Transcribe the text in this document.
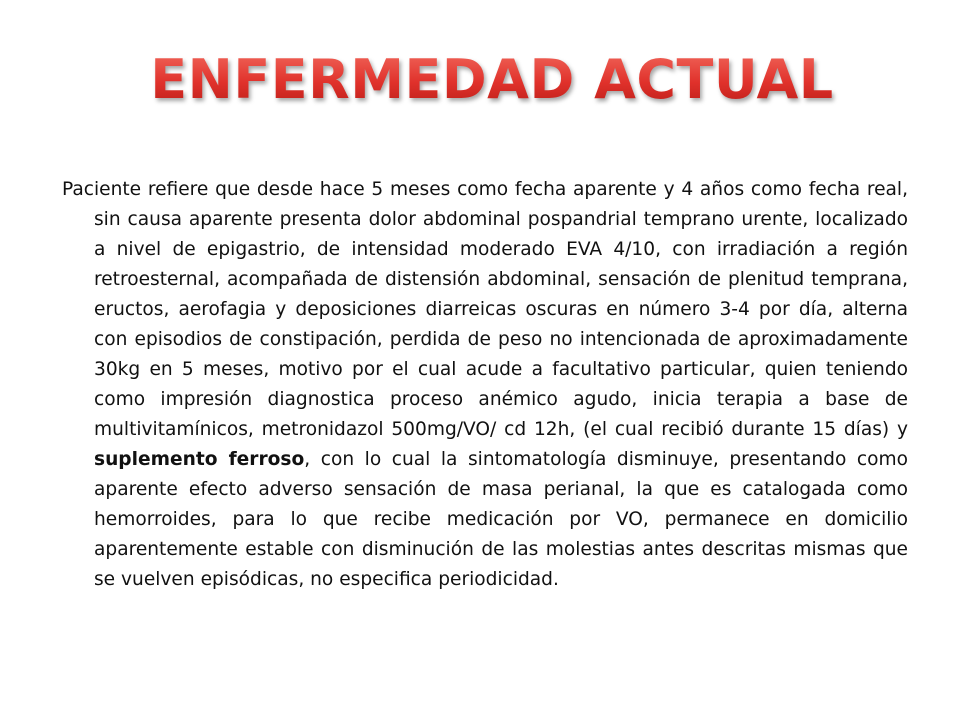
ENFERMEDAD ACTUAL

Paciente refiere que desde hace 5 meses como fecha aparente y 4 años como fecha real, sin causa aparente presenta dolor abdominal pospandrial temprano urente, localizado a nivel de epigastrio, de intensidad moderado EVA 4/10, con irradiación a región retroesternal, acompañada de distensión abdominal, sensación de plenitud temprana, eructos, aerofagia y deposiciones diarreicas oscuras en número 3-4 por día, alterna con episodios de constipación, perdida de peso no intencionada de aproximadamente 30kg en 5 meses, motivo por el cual acude a facultativo particular, quien teniendo como impresión diagnostica proceso anémico agudo, inicia terapia a base de multivitamínicos, metronidazol 500mg/VO/ cd 12h, (el cual recibió durante 15 días) y suplemento ferroso, con lo cual la sintomatología disminuye, presentando como aparente efecto adverso sensación de masa perianal, la que es catalogada como hemorroides, para lo que recibe medicación por VO, permanece en domicilio aparentemente estable con disminución de las molestias antes descritas mismas que se vuelven episódicas, no especifica periodicidad.
